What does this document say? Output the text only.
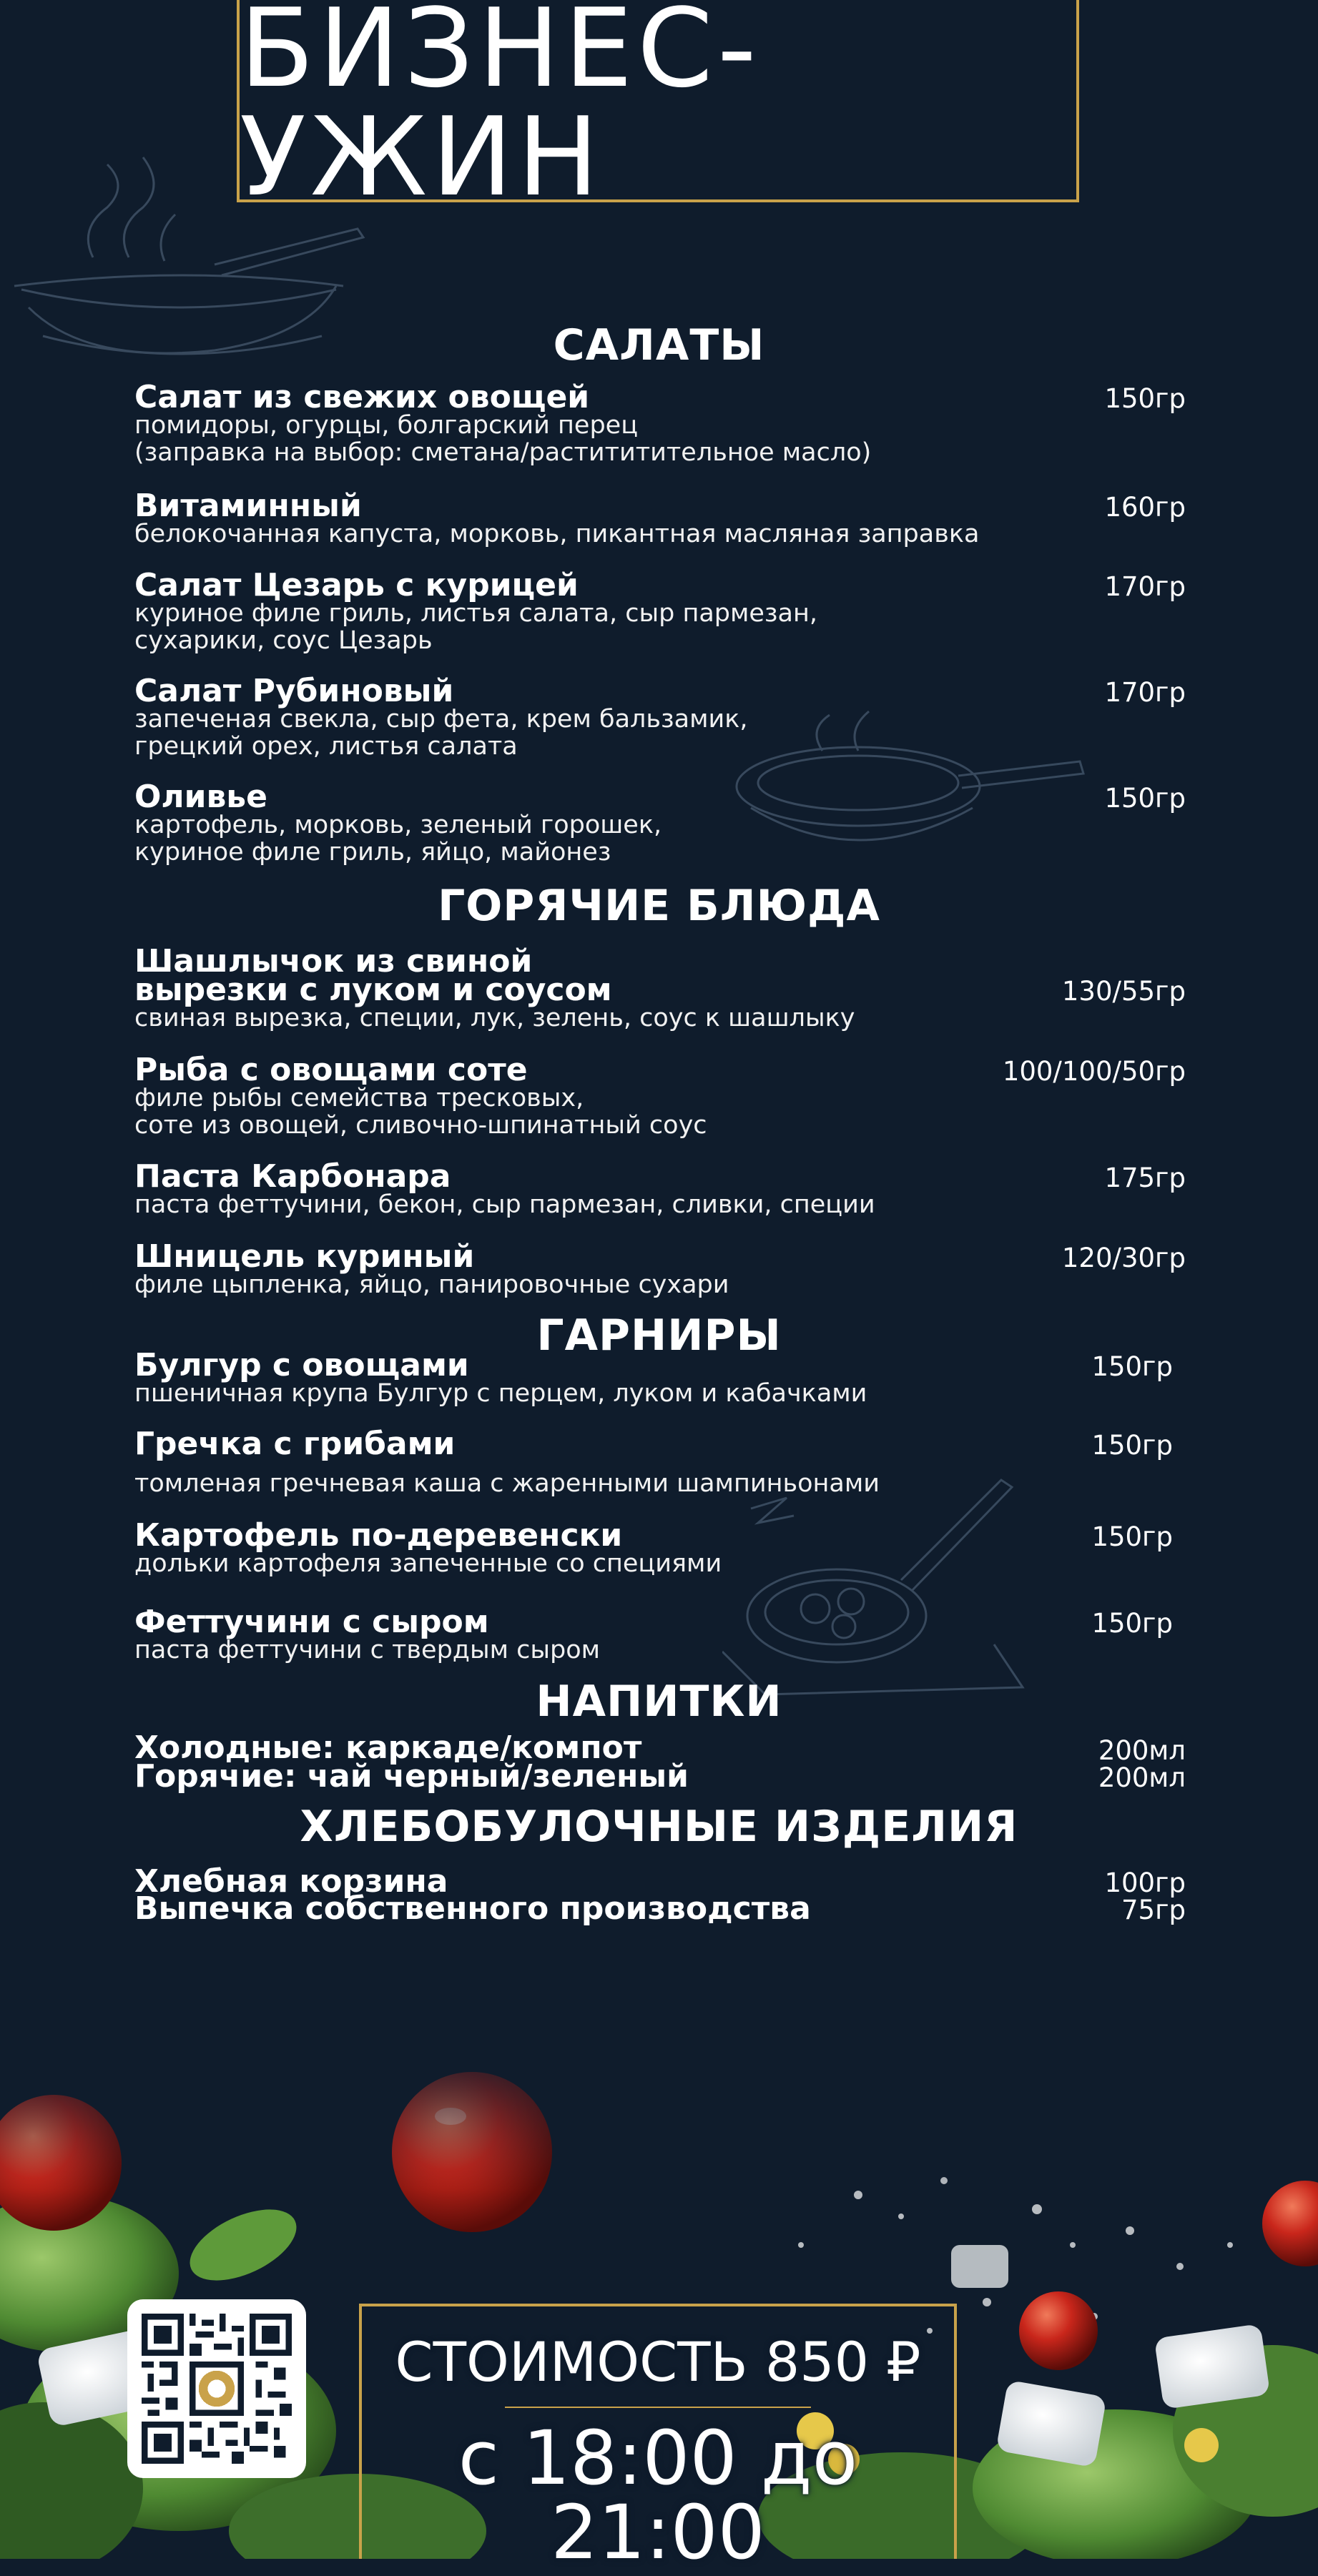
БИЗНЕС-УЖИН
САЛАТЫ
Салат из свежих овощей
помидоры, огурцы, болгарский перец
(заправка на выбор: сметана/растититительное масло)
150гр
Витаминный
белокочанная капуста, морковь, пикантная масляная заправка
160гр
Салат Цезарь с курицей
куриное филе гриль, листья салата, сыр пармезан,
сухарики, соус Цезарь
170гр
Салат Рубиновый
запеченая свекла, сыр фета, крем бальзамик,
грецкий орех, листья салата
170гр
Оливье
картофель, морковь, зеленый горошек,
куриное филе гриль, яйцо, майонез
150гр
ГОРЯЧИЕ БЛЮДА
Шашлычок из свиной
вырезки с луком и соусом
свиная вырезка, специи, лук, зелень, соус к шашлыку
130/55гр
Рыба с овощами соте
филе рыбы семейства тресковых,
соте из овощей, сливочно-шпинатный соус
100/100/50гр
Паста Карбонара
паста феттучини, бекон, сыр пармезан, сливки, специи
175гр
Шницель куриный
филе цыпленка, яйцо, панировочные сухари
120/30гр
ГАРНИРЫ
Булгур с овощами
пшеничная крупа Булгур с перцем, луком и кабачками
150гр
Гречка с грибами
томленая гречневая каша с жаренными шампиньонами
150гр
Картофель по-деревенски
дольки картофеля запеченные со специями
150гр
Феттучини с сыром
паста феттучини с твердым сыром
150гр
НАПИТКИ
Холодные: каркаде/компот	200мл
Горячие: чай черный/зеленый	200мл
ХЛЕБОБУЛОЧНЫЕ ИЗДЕЛИЯ
Хлебная корзина	100гр
Выпечка собственного производства	75гр
СТОИМОСТЬ 850 ₽
с 18:00 до 21:00
